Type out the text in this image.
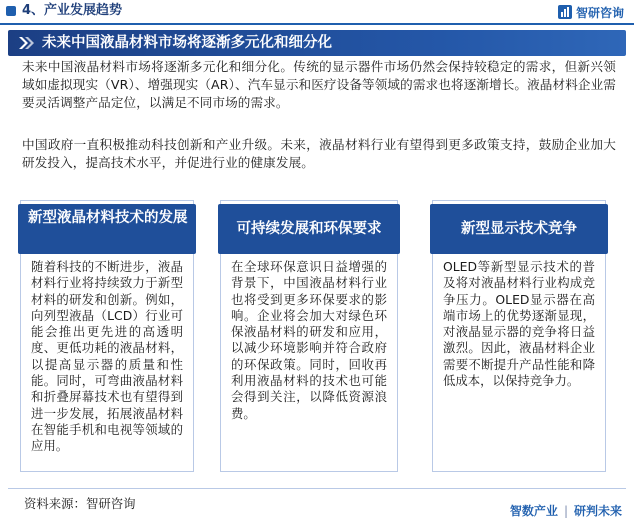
4、产业发展趋势	智研咨询
未来中国液晶材料市场将逐渐多元化和细分化

未来中国液晶材料市场将逐渐多元化和细分化。传统的显示器件市场仍然会保持较稳定的需求，但新兴领域如虚拟现实（VR）、增强现实（AR）、汽车显示和医疗设备等领域的需求也将逐渐增长。液晶材料企业需要灵活调整产品定位，以满足不同市场的需求。

中国政府一直积极推动科技创新和产业升级。未来，液晶材料行业有望得到更多政策支持，鼓励企业加大研发投入，提高技术水平，并促进行业的健康发展。

新型液晶材料技术的发展
随着科技的不断进步，液晶材料行业将持续致力于新型材料的研发和创新。例如，向列型液晶（LCD）行业可能会推出更先进的高透明度、更低功耗的液晶材料，以提高显示器的质量和性能。同时，可弯曲液晶材料和折叠屏幕技术也有望得到进一步发展，拓展液晶材料在智能手机和电视等领域的应用。
可持续发展和环保要求
在全球环保意识日益增强的背景下，中国液晶材料行业也将受到更多环保要求的影响。企业将会加大对绿色环保液晶材料的研发和应用，以减少环境影响并符合政府的环保政策。同时，回收再利用液晶材料的技术也可能会得到关注，以降低资源浪费。
新型显示技术竞争
OLED等新型显示技术的普及将对液晶材料行业构成竞争压力。OLED显示器在高端市场上的优势逐渐显现，对液晶显示器的竞争将日益激烈。因此，液晶材料企业需要不断提升产品性能和降低成本，以保持竞争力。
资料来源：智研咨询	智数产业 | 研判未来
